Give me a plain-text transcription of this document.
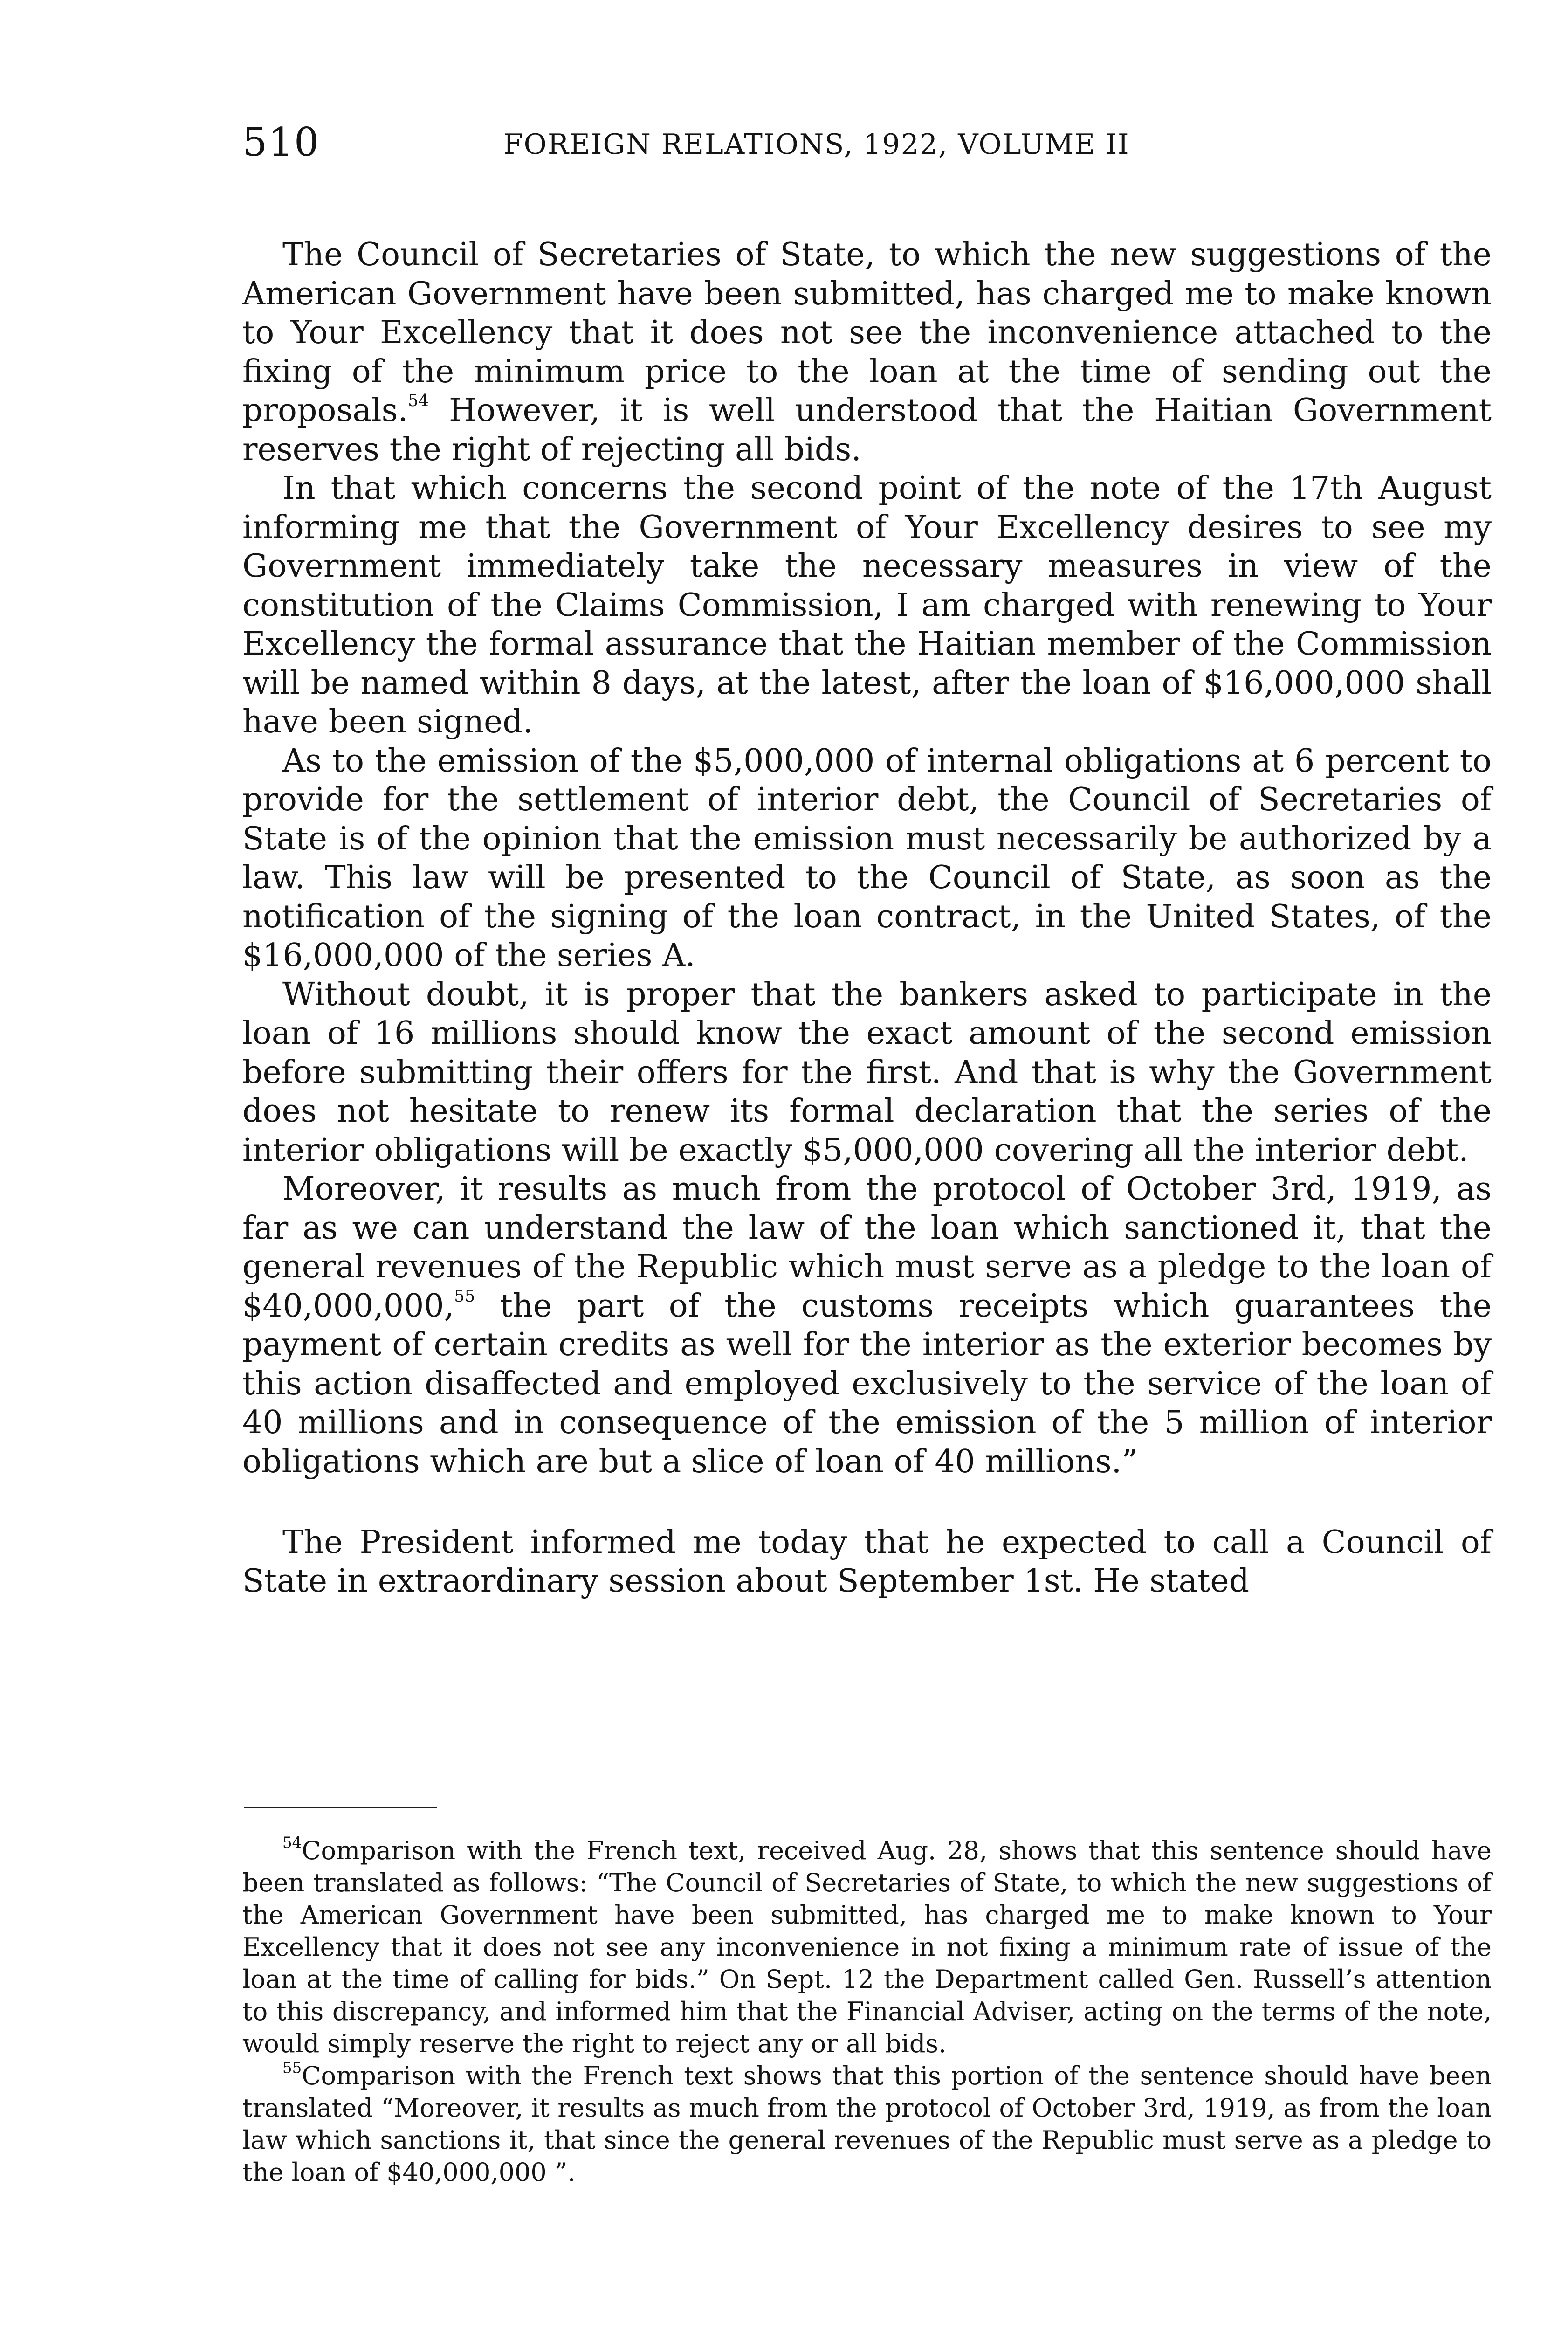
510	FOREIGN RELATIONS, 1922, VOLUME II

The Council of Secretaries of State, to which the new suggestions of the American Government have been submitted, has charged me to make known to Your Excellency that it does not see the inconvenience attached to the fixing of the minimum price to the loan at the time of sending out the proposals.$^{54}$ However, it is well understood that the Haitian Government reserves the right of rejecting all bids.

In that which concerns the second point of the note of the 17th August informing me that the Government of Your Excellency desires to see my Government immediately take the necessary measures in view of the constitution of the Claims Commission, I am charged with renewing to Your Excellency the formal assurance that the Haitian member of the Commission will be named within 8 days, at the latest, after the loan of $16,000,000 shall have been signed.

As to the emission of the $5,000,000 of internal obligations at 6 percent to provide for the settlement of interior debt, the Council of Secretaries of State is of the opinion that the emission must necessarily be authorized by a law. This law will be presented to the Council of State, as soon as the notification of the signing of the loan contract, in the United States, of the $16,000,000 of the series A.

Without doubt, it is proper that the bankers asked to participate in the loan of 16 millions should know the exact amount of the second emission before submitting their offers for the first. And that is why the Government does not hesitate to renew its formal declaration that the series of the interior obligations will be exactly $5,000,000 covering all the interior debt.

Moreover, it results as much from the protocol of October 3rd, 1919, as far as we can understand the law of the loan which sanctioned it, that the general revenues of the Republic which must serve as a pledge to the loan of $40,000,000,55 the part of the customs receipts which guarantees the payment of certain credits as well for the interior as the exterior becomes by this action disaffected and employed exclusively to the service of the loan of 40 millions and in consequence of the emission of the 5 million of interior obligations which are but a slice of loan of 40 millions.”

The President informed me today that he expected to call a Council of State in extraordinary session about September 1st. He stated

$^{54}$Comparison with the French text, received Aug. 28, shows that this sentence should have been translated as follows: “The Council of Secretaries of State, to which the new suggestions of the American Government have been submitted, has charged me to make known to Your Excellency that it does not see any inconvenience in not fixing a minimum rate of issue of the loan at the time of calling for bids.” On Sept. 12 the Department called Gen. Russell’s attention to this discrepancy, and informed him that the Financial Adviser, acting on the terms of the note, would simply reserve the right to reject any or all bids.

$^{55}$Comparison with the French text shows that this portion of the sentence should have been translated “Moreover, it results as much from the protocol of October 3rd, 1919, as from the loan law which sanctions it, that since the general revenues of the Republic must serve as a pledge to the loan of $40,000,000 ”.
